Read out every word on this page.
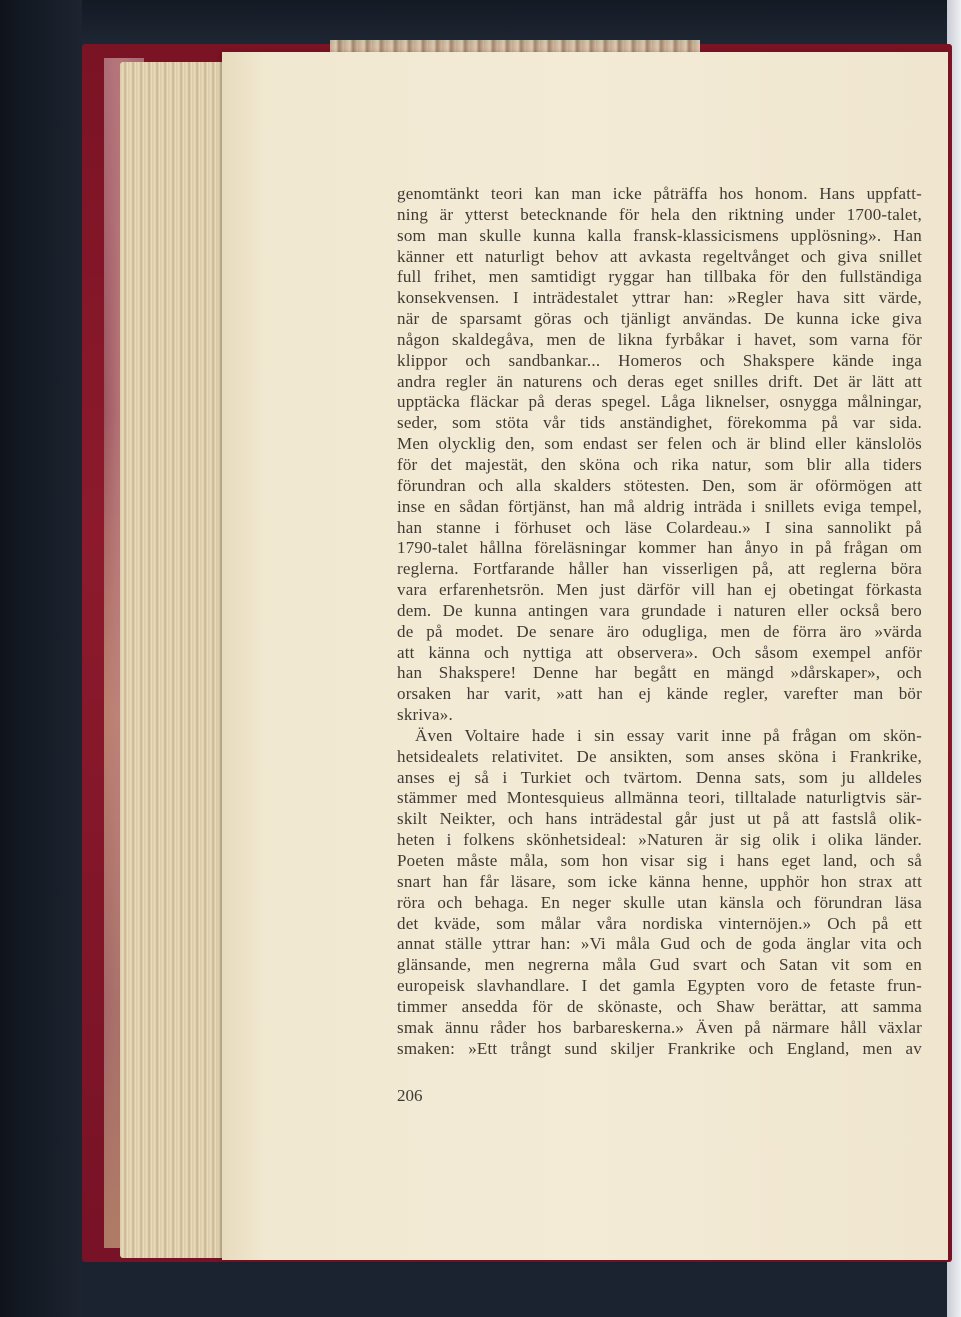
genomtänkt teori kan man icke påträffa hos honom. Hans uppfatt-
ning är ytterst betecknande för hela den riktning under 1700-talet,
som man skulle kunna kalla fransk-klassicismens upplösning». Han
känner ett naturligt behov att avkasta regeltvånget och giva snillet
full frihet, men samtidigt ryggar han tillbaka för den fullständiga
konsekvensen. I inträdestalet yttrar han: »Regler hava sitt värde,
när de sparsamt göras och tjänligt användas. De kunna icke giva
någon skaldegåva, men de likna fyrbåkar i havet, som varna för
klippor och sandbankar... Homeros och Shakspere kände inga
andra regler än naturens och deras eget snilles drift. Det är lätt att
upptäcka fläckar på deras spegel. Låga liknelser, osnygga målningar,
seder, som stöta vår tids anständighet, förekomma på var sida.
Men olycklig den, som endast ser felen och är blind eller känslolös
för det majestät, den sköna och rika natur, som blir alla tiders
förundran och alla skalders stötesten. Den, som är oförmögen att
inse en sådan förtjänst, han må aldrig inträda i snillets eviga tempel,
han stanne i förhuset och läse Colardeau.» I sina sannolikt på
1790-talet hållna föreläsningar kommer han ånyo in på frågan om
reglerna. Fortfarande håller han visserligen på, att reglerna böra
vara erfarenhetsrön. Men just därför vill han ej obetingat förkasta
dem. De kunna antingen vara grundade i naturen eller också bero
de på modet. De senare äro odugliga, men de förra äro »värda
att känna och nyttiga att observera». Och såsom exempel anför
han Shakspere! Denne har begått en mängd »dårskaper», och
orsaken har varit, »att han ej kände regler, varefter man bör
skriva».
Även Voltaire hade i sin essay varit inne på frågan om skön-
hetsidealets relativitet. De ansikten, som anses sköna i Frankrike,
anses ej så i Turkiet och tvärtom. Denna sats, som ju alldeles
stämmer med Montesquieus allmänna teori, tilltalade naturligtvis sär-
skilt Neikter, och hans inträdestal går just ut på att fastslå olik-
heten i folkens skönhetsideal: »Naturen är sig olik i olika länder.
Poeten måste måla, som hon visar sig i hans eget land, och så
snart han får läsare, som icke känna henne, upphör hon strax att
röra och behaga. En neger skulle utan känsla och förundran läsa
det kväde, som målar våra nordiska vinternöjen.» Och på ett
annat ställe yttrar han: »Vi måla Gud och de goda änglar vita och
glänsande, men negrerna måla Gud svart och Satan vit som en
europeisk slavhandlare. I det gamla Egypten voro de fetaste frun-
timmer ansedda för de skönaste, och Shaw berättar, att samma
smak ännu råder hos barbareskerna.» Även på närmare håll växlar
smaken: »Ett trångt sund skiljer Frankrike och England, men av
206
